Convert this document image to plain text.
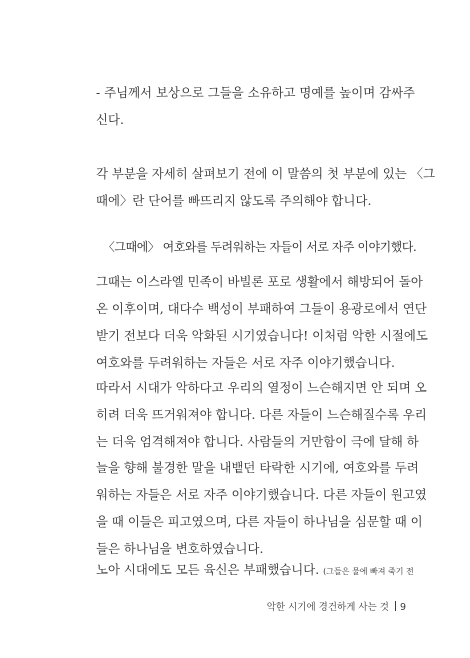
- 주님께서 보상으로 그들을 소유하고 명예를 높이며 감싸주
신다.
각 부분을 자세히 살펴보기 전에 이 말씀의 첫 부분에 있는 〈그
때에〉란 단어를 빠뜨리지 않도록 주의해야 합니다.
〈그때에〉 여호와를 두려워하는 자들이 서로 자주 이야기했다.
그때는 이스라엘 민족이 바빌론 포로 생활에서 해방되어 돌아
온 이후이며, 대다수 백성이 부패하여 그들이 용광로에서 연단
받기 전보다 더욱 악화된 시기였습니다! 이처럼 악한 시절에도
여호와를 두려워하는 자들은 서로 자주 이야기했습니다.
따라서 시대가 악하다고 우리의 열정이 느슨해지면 안 되며 오
히려 더욱 뜨거워져야 합니다. 다른 자들이 느슨해질수록 우리
는 더욱 엄격해져야 합니다. 사람들의 거만함이 극에 달해 하
늘을 향해 불경한 말을 내뱉던 타락한 시기에, 여호와를 두려
워하는 자들은 서로 자주 이야기했습니다. 다른 자들이 원고였
을 때 이들은 피고였으며, 다른 자들이 하나님을 심문할 때 이
들은 하나님을 변호하였습니다.
노아 시대에도 모든 육신은 부패했습니다. (그들은 물에 빠져 죽기 전
악한 시기에 경건하게 사는 것 9
